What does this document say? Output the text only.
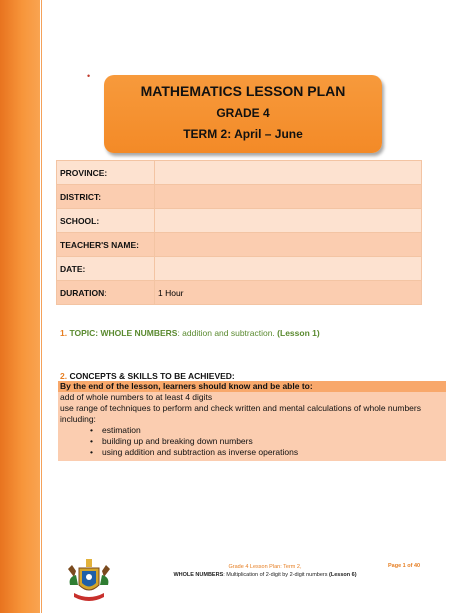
•
MATHEMATICS LESSON PLAN
GRADE 4
TERM 2: April – June
PROVINCE:	
DISTRICT:	
SCHOOL:	
TEACHER'S NAME:	
DATE:	
DURATION:	1 Hour
1. TOPIC: WHOLE NUMBERS: addition and subtraction. (Lesson 1)
2. CONCEPTS & SKILLS TO BE ACHIEVED:
By the end of the lesson, learners should know and be able to:
add of whole numbers to at least 4 digits
use range of techniques to perform and check written and mental calculations of whole numbers including:
• estimation
• building up and breaking down numbers
• using addition and subtraction as inverse operations
Grade 4 Lesson Plan: Term 2,
WHOLE NUMBERS: Multiplication of 2-digit by 2-digit numbers (Lesson 6)
Page 1 of 40
